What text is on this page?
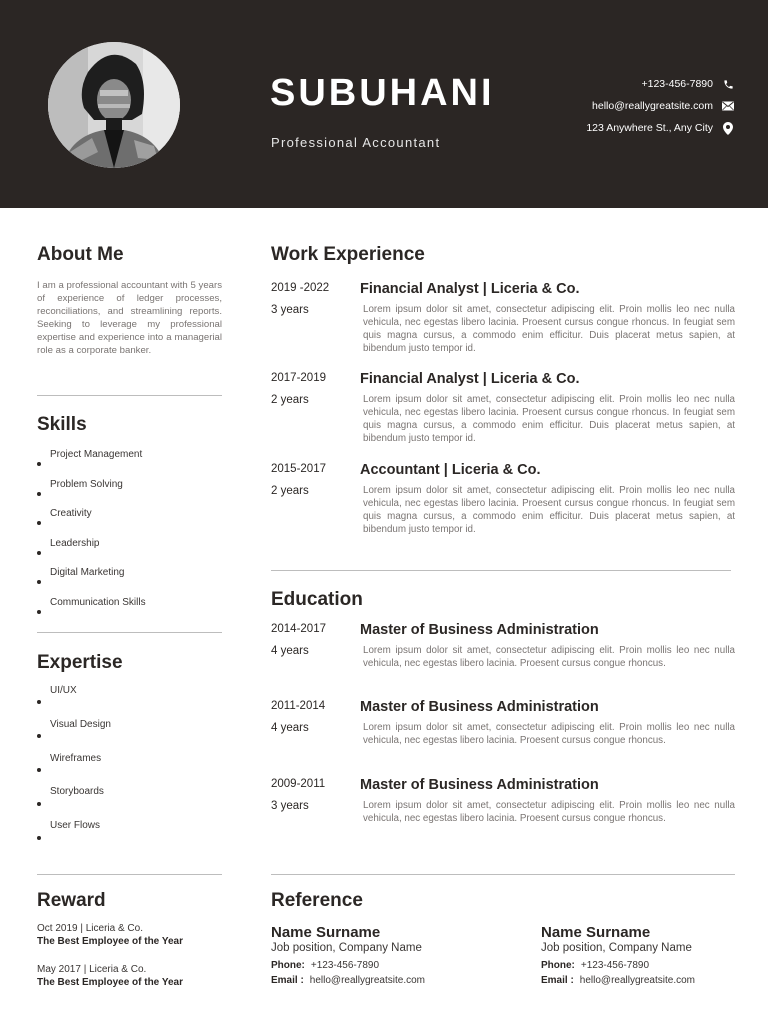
SUBUHANI
Professional Accountant
+123-456-7890
hello@reallygreatsite.com
123 Anywhere St., Any City
About Me
I am a professional accountant with 5 years of experience of ledger processes, reconciliations, and streamlining reports. Seeking to leverage my professional expertise and experience into a managerial role as a corporate banker.
Skills
Project Management
Problem Solving
Creativity
Leadership
Digital Marketing
Communication Skills
Expertise
UI/UX
Visual Design
Wireframes
Storyboards
User Flows
Reward
Oct 2019 | Liceria & Co.
The Best Employee of the Year
May 2017 | Liceria & Co.
The Best Employee of the Year
Work Experience
2019 -2022
3 years
Financial Analyst | Liceria & Co.
Lorem ipsum dolor sit amet, consectetur adipiscing elit. Proin mollis leo nec nulla vehicula, nec egestas libero lacinia. Proesent cursus congue rhoncus. In feugiat sem quis magna cursus, a commodo enim efficitur. Duis placerat metus sapien, at bibendum justo tempor id.
2017-2019
2 years
Financial Analyst | Liceria & Co.
Lorem ipsum dolor sit amet, consectetur adipiscing elit. Proin mollis leo nec nulla vehicula, nec egestas libero lacinia. Proesent cursus congue rhoncus. In feugiat sem quis magna cursus, a commodo enim efficitur. Duis placerat metus sapien, at bibendum justo tempor id.
2015-2017
2 years
Accountant | Liceria & Co.
Lorem ipsum dolor sit amet, consectetur adipiscing elit. Proin mollis leo nec nulla vehicula, nec egestas libero lacinia. Proesent cursus congue rhoncus. In feugiat sem quis magna cursus, a commodo enim efficitur. Duis placerat metus sapien, at bibendum justo tempor id.
Education
2014-2017
4 years
Master of Business Administration
Lorem ipsum dolor sit amet, consectetur adipiscing elit. Proin mollis leo nec nulla vehicula, nec egestas libero lacinia. Proesent cursus congue rhoncus.
2011-2014
4 years
Master of Business Administration
Lorem ipsum dolor sit amet, consectetur adipiscing elit. Proin mollis leo nec nulla vehicula, nec egestas libero lacinia. Proesent cursus congue rhoncus.
2009-2011
3 years
Master of Business Administration
Lorem ipsum dolor sit amet, consectetur adipiscing elit. Proin mollis leo nec nulla vehicula, nec egestas libero lacinia. Proesent cursus congue rhoncus.
Reference
Name Surname
Job position, Company Name
Phone: +123-456-7890
Email : hello@reallygreatsite.com
Name Surname
Job position, Company Name
Phone: +123-456-7890
Email : hello@reallygreatsite.com
